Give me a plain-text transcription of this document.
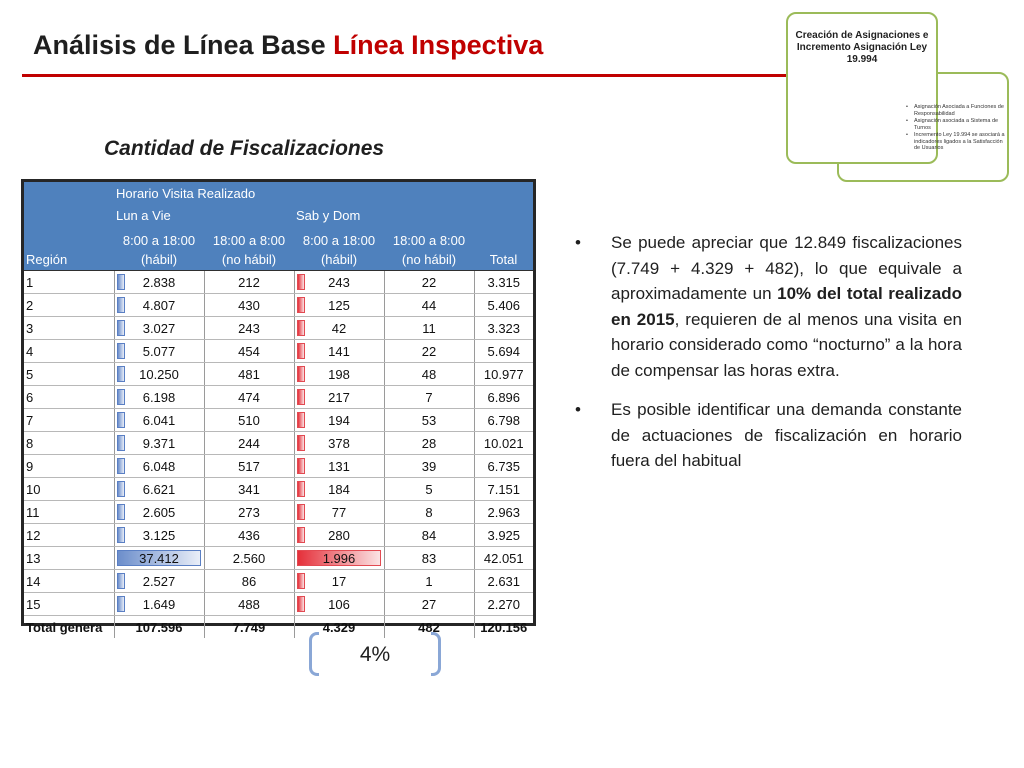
Análisis de Línea Base Línea Inspectiva
Cantidad de Fiscalizaciones
Creación de Asignaciones e Incremento Asignación Ley 19.994
• Asignación Asociada a Funciones de Responsabilidad
• Asignación asociada a Sistema de Turnos
• Incremento Ley 19.994 se asociará a indicadores ligados a la Satisfacción de Usuarios
	Horario Visita Realizado				
	Lun a Vie		Sab y Dom		
	8:00 a 18:00	18:00 a 8:00	8:00 a 18:00	18:00 a 8:00	
Región	(hábil)	(no hábil)	(hábil)	(no hábil)	Total
1	2.838	212	243	22	3.315
2	4.807	430	125	44	5.406
3	3.027	243	42	11	3.323
4	5.077	454	141	22	5.694
5	10.250	481	198	48	10.977
6	6.198	474	217	7	6.896
7	6.041	510	194	53	6.798
8	9.371	244	378	28	10.021
9	6.048	517	131	39	6.735
10	6.621	341	184	5	7.151
11	2.605	273	77	8	2.963
12	3.125	436	280	84	3.925
13	37.412	2.560	1.996	83	42.051
14	2.527	86	17	1	2.631
15	1.649	488	106	27	2.270
Total genera	107.596	7.749	4.329	482	120.156
4%
• Se puede apreciar que 12.849 fiscalizaciones (7.749 + 4.329 + 482), lo que equivale a aproximadamente un 10% del total realizado en 2015, requieren de al menos una visita en horario considerado como “nocturno” a la hora de compensar las horas extra.
• Es posible identificar una demanda constante de actuaciones de fiscalización en horario fuera del habitual
